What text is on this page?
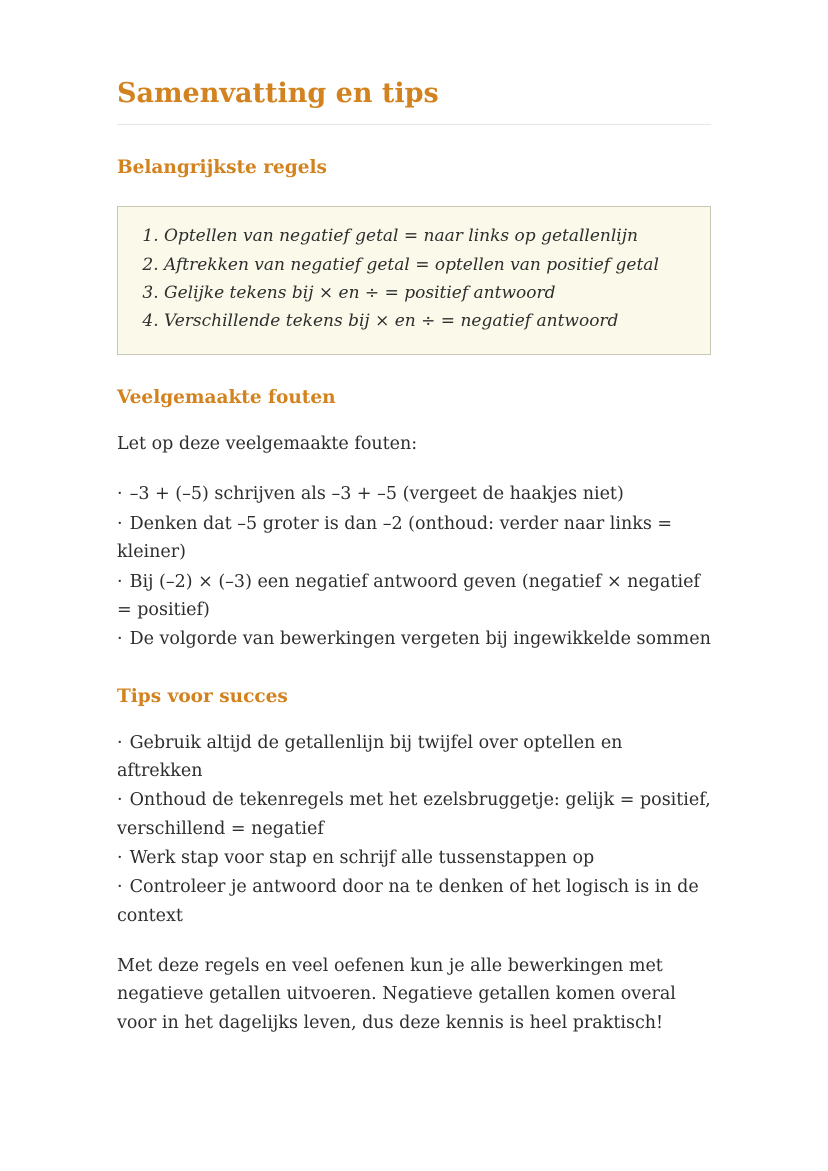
Samenvatting en tips
Belangrijkste regels
1. Optellen van negatief getal = naar links op getallenlijn
2. Aftrekken van negatief getal = optellen van positief getal
3. Gelijke tekens bij × en ÷ = positief antwoord
4. Verschillende tekens bij × en ÷ = negatief antwoord
Veelgemaakte fouten

Let op deze veelgemaakte fouten:

· –3 + (–5) schrijven als –3 + –5 (vergeet de haakjes niet)
· Denken dat –5 groter is dan –2 (onthoud: verder naar links = kleiner)
· Bij (–2) × (–3) een negatief antwoord geven (negatief × negatief = positief)
· De volgorde van bewerkingen vergeten bij ingewikkelde sommen
Tips voor succes
· Gebruik altijd de getallenlijn bij twijfel over optellen en aftrekken
· Onthoud de tekenregels met het ezelsbruggetje: gelijk = positief, verschillend = negatief
· Werk stap voor stap en schrijf alle tussenstappen op
· Controleer je antwoord door na te denken of het logisch is in de context

Met deze regels en veel oefenen kun je alle bewerkingen met negatieve getallen uitvoeren. Negatieve getallen komen overal voor in het dagelijks leven, dus deze kennis is heel praktisch!
